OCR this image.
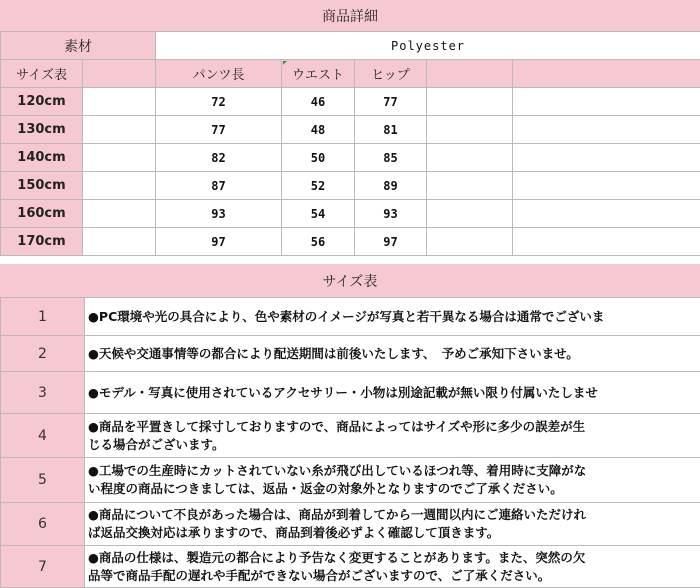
商品詳細
素材		Polyester				
サイズ表		パンツ長	ウエスト	ヒップ		
120cm		72	46	77		
130cm		77	48	81		
140cm		82	50	85		
150cm		87	52	89		
160cm		93	54	93		
170cm		97	56	97		
サイズ表
1	●PC環境や光の具合により、色や素材のイメージが写真と若干異なる場合は通常でございま
2	●天候や交通事情等の都合により配送期間は前後いたします、　予めご承知下さいませ。
3	●モデル・写真に使用されているアクセサリー・小物は別途記載が無い限り付属いたしませ
4	●商品を平置きして採寸しておりますので、商品によってはサイズや形に多少の誤差が生
じる場合がございます。

5	●工場での生産時にカットされていない糸が飛び出しているほつれ等、着用時に支障がな
い程度の商品につきましては、返品・返金の対象外となりますのでご了承ください。

6	●商品について不良があった場合は、商品が到着してから一週間以内にご連絡いただけれ
ば返品交換対応は承りますので、商品到着後必ずよく確認して頂きます。

7	●商品の仕様は、製造元の都合により予告なく変更することがあります。また、突然の欠
品等で商品手配の遅れや手配ができない場合がございますので、ご了承ください。
